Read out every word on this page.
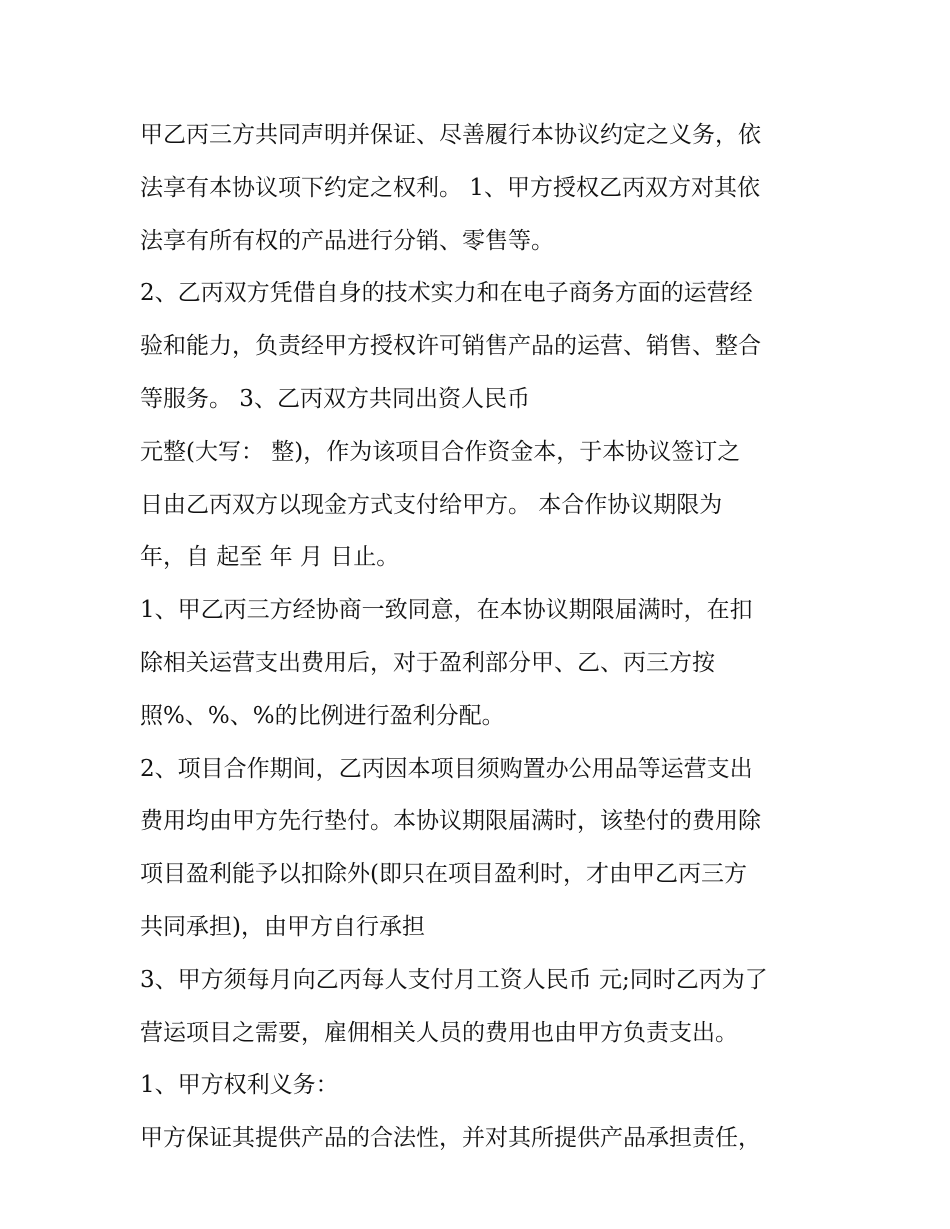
甲乙丙三方共同声明并保证、尽善履行本协议约定之义务，依
法享有本协议项下约定之权利。 1、甲方授权乙丙双方对其依
法享有所有权的产品进行分销、零售等。
2、乙丙双方凭借自身的技术实力和在电子商务方面的运营经
验和能力，负责经甲方授权许可销售产品的运营、销售、整合
等服务。 3、乙丙双方共同出资人民币
元整(大写： 整)，作为该项目合作资金本，于本协议签订之
日由乙丙双方以现金方式支付给甲方。 本合作协议期限为
年，自 起至 年 月 日止。
1、甲乙丙三方经协商一致同意，在本协议期限届满时，在扣
除相关运营支出费用后，对于盈利部分甲、乙、丙三方按
照%、%、%的比例进行盈利分配。
2、项目合作期间，乙丙因本项目须购置办公用品等运营支出
费用均由甲方先行垫付。本协议期限届满时，该垫付的费用除
项目盈利能予以扣除外(即只在项目盈利时，才由甲乙丙三方
共同承担)，由甲方自行承担
3、甲方须每月向乙丙每人支付月工资人民币 元;同时乙丙为了
营运项目之需要，雇佣相关人员的费用也由甲方负责支出。
1、甲方权利义务：
甲方保证其提供产品的合法性，并对其所提供产品承担责任，
